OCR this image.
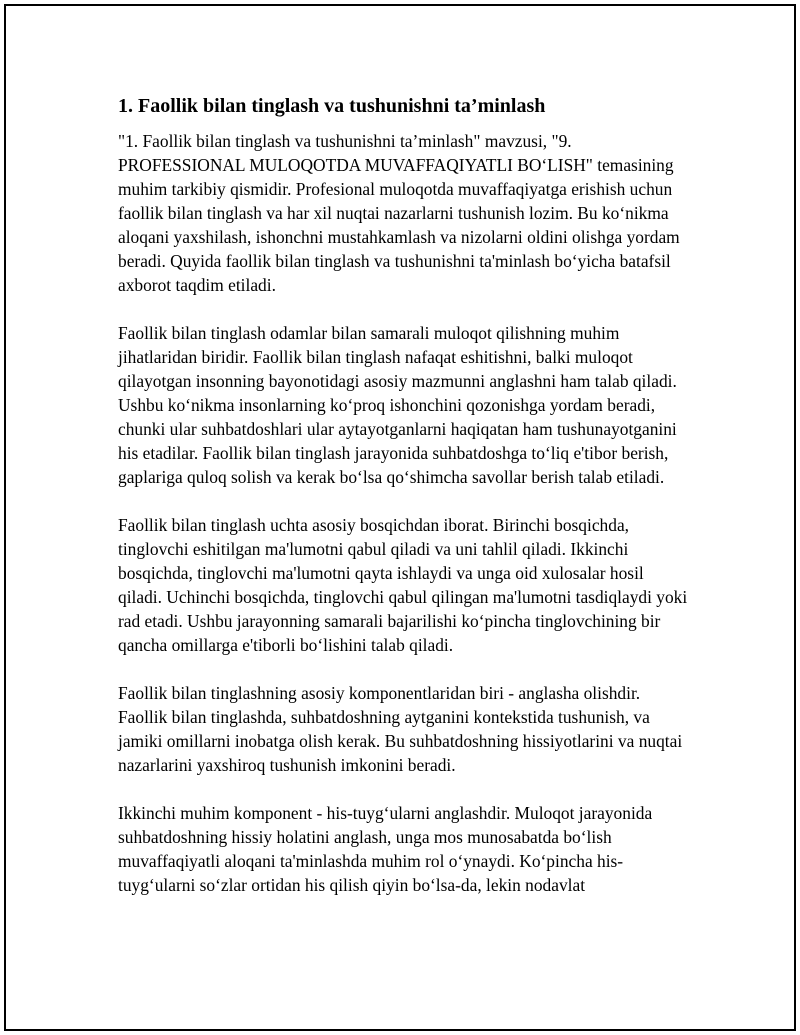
1. Faollik bilan tinglash va tushunishni ta’minlash

"1. Faollik bilan tinglash va tushunishni ta’minlash" mavzusi, "9. PROFESSIONAL MULOQOTDA MUVAFFAQIYATLI BO‘LISH" temasining muhim tarkibiy qismidir. Profesional muloqotda muvaffaqiyatga erishish uchun faollik bilan tinglash va har xil nuqtai nazarlarni tushunish lozim. Bu ko‘nikma aloqani yaxshilash, ishonchni mustahkamlash va nizolarni oldini olishga yordam beradi. Quyida faollik bilan tinglash va tushunishni ta'minlash bo‘yicha batafsil axborot taqdim etiladi.

Faollik bilan tinglash odamlar bilan samarali muloqot qilishning muhim jihatlaridan biridir. Faollik bilan tinglash nafaqat eshitishni, balki muloqot qilayotgan insonning bayonotidagi asosiy mazmunni anglashni ham talab qiladi. Ushbu ko‘nikma insonlarning ko‘proq ishonchini qozonishga yordam beradi, chunki ular suhbatdoshlari ular aytayotganlarni haqiqatan ham tushunayotganini his etadilar. Faollik bilan tinglash jarayonida suhbatdoshga to‘liq e'tibor berish, gaplariga quloq solish va kerak bo‘lsa qo‘shimcha savollar berish talab etiladi.

Faollik bilan tinglash uchta asosiy bosqichdan iborat. Birinchi bosqichda, tinglovchi eshitilgan ma'lumotni qabul qiladi va uni tahlil qiladi. Ikkinchi bosqichda, tinglovchi ma'lumotni qayta ishlaydi va unga oid xulosalar hosil qiladi. Uchinchi bosqichda, tinglovchi qabul qilingan ma'lumotni tasdiqlaydi yoki rad etadi. Ushbu jarayonning samarali bajarilishi ko‘pincha tinglovchining bir qancha omillarga e'tiborli bo‘lishini talab qiladi.

Faollik bilan tinglashning asosiy komponentlaridan biri - anglasha olishdir. Faollik bilan tinglashda, suhbatdoshning aytganini kontekstida tushunish, va jamiki omillarni inobatga olish kerak. Bu suhbatdoshning hissiyotlarini va nuqtai nazarlarini yaxshiroq tushunish imkonini beradi.

Ikkinchi muhim komponent - his-tuyg‘ularni anglashdir. Muloqot jarayonida suhbatdoshning hissiy holatini anglash, unga mos munosabatda bo‘lish muvaffaqiyatli aloqani ta'minlashda muhim rol o‘ynaydi. Ko‘pincha his-tuyg‘ularni so‘zlar ortidan his qilish qiyin bo‘lsa-da, lekin nodavlat
